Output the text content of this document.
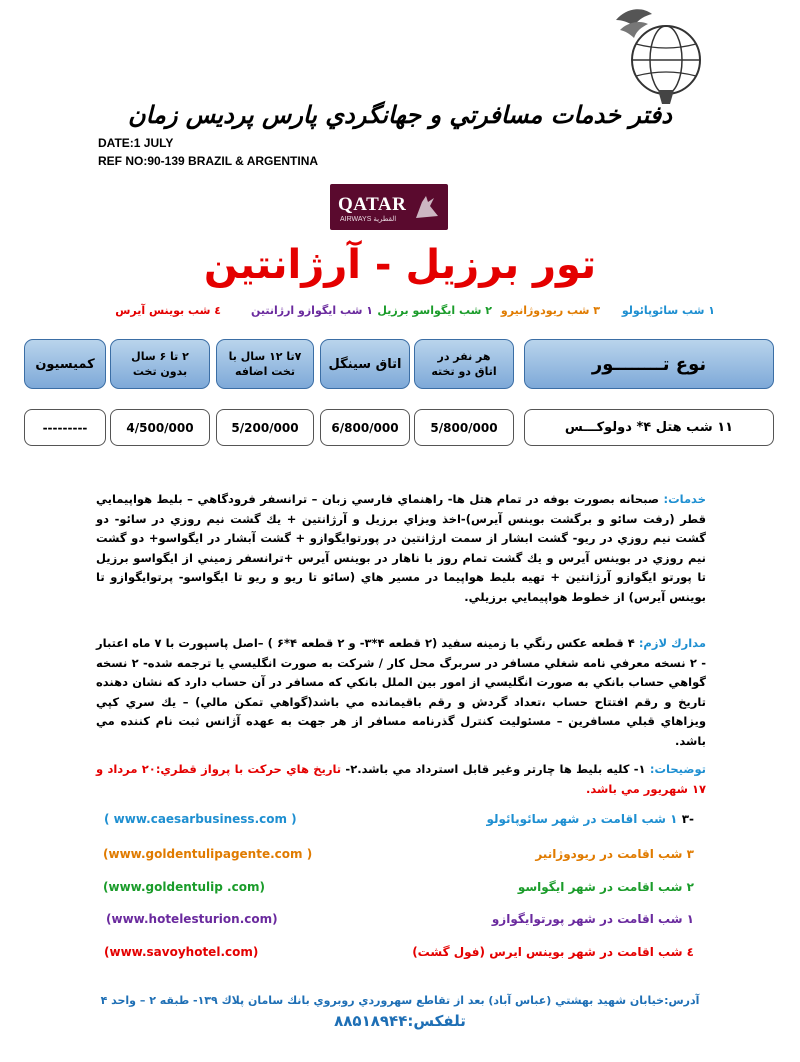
دفتر خدمات مسافرتي و جهانگردي پارس پرديس زمان
DATE:1 JULY
REF NO:90-139 BRAZIL & ARGENTINA
QATAR
AIRWAYS القطرية
تور برزيل - آرژانتين
۱ شب سائوپائولو
۳ شب ريودوژانيرو
۲ شب ايگواسو برزيل
۱ شب ايگوازو ارژانتين
٤ شب بوينس آيرس
نوع تــــــــور
هر نفر در
اتاق دو تخته
اتاق سينگل
۷تا ۱۲ سال با
تخت اضافه
۲ تا ۶ سال
بدون تخت
كميسيون
۱۱ شب هتل ۴* دولوكـــس
5/800/000
6/800/000
5/200/000
4/500/000
---------
خدمات: صبحانه بصورت بوفه در تمام هتل ها- راهنماي فارسي زبان – ترانسفر فرودگاهي – بليط هواپيمايي قطر (رفت سائو و برگشت بوينس آيرس)-اخذ ويزاي برزيل و آرژانتين + يك گشت نيم روزي در سائو- دو گشت نيم روزي در ريو- گشت ابشار از سمت ارژانتين در پورتوايگوازو + گشت آبشار در ايگواسو+ دو گشت نيم روزي در بوينس آيرس و يك گشت تمام روز با ناهار در بوينس آيرس +ترانسفر زميني از ايگواسو برزيل تا پورتو ايگوازو آرژانتين + تهيه بليط هواپيما در مسير هاي (سائو تا ريو و ريو تا ايگواسو- پرتوايگوازو تا بوينس آيرس) از خطوط هواپيمايي برزيلي.
مدارك لازم: ۴ قطعه عكس رنگي با زمينه سفيد (۲ قطعه ۴*۳- و ۲ قطعه ۴*۶ ) –اصل پاسپورت با ۷ ماه اعتبار - ۲ نسخه معرفي نامه شغلي مسافر در سربرگ محل كار / شركت به صورت انگليسي يا ترجمه شده- ۲ نسخه گواهي حساب بانكي به صورت انگليسي از امور بين الملل بانكي كه مسافر در آن حساب دارد كه نشان دهنده تاريخ و رقم افتتاح حساب ،تعداد گردش و رقم باقيمانده مي باشد(گواهي تمكن مالي) – يك سري كپي ويزاهاي قبلي مسافرين – مسئوليت كنترل گذرنامه مسافر از هر جهت به عهده آژانس ثبت نام كننده مي باشد.
توضيحات: ۱- كليه بليط ها چارتر وغير قابل استرداد مي باشد.۲- تاريخ هاي حركت با پرواز قطري:۲۰ مرداد و ۱۷ شهريور مي باشد.
-۳ ۱ شب اقامت در شهر سائوپائولو
( www.caesarbusiness.com )
۳ شب اقامت در ريودوژانير
(www.goldentulipagente.com )
۲ شب اقامت در شهر ايگواسو
(www.goldentulip .com)
۱ شب اقامت در شهر پورتوايگوازو
(www.hotelesturion.com)
٤ شب اقامت در شهر بوينس ايرس (فول گشت)
(www.savoyhotel.com)
آدرس:خيابان شهيد بهشتي (عباس آباد) بعد از تقاطع سهروردي روبروي بانك سامان پلاك ۱۳۹- طبقه ۲ – واحد ۴
تلفكس:۸۸۵۱۸۹۴۴
